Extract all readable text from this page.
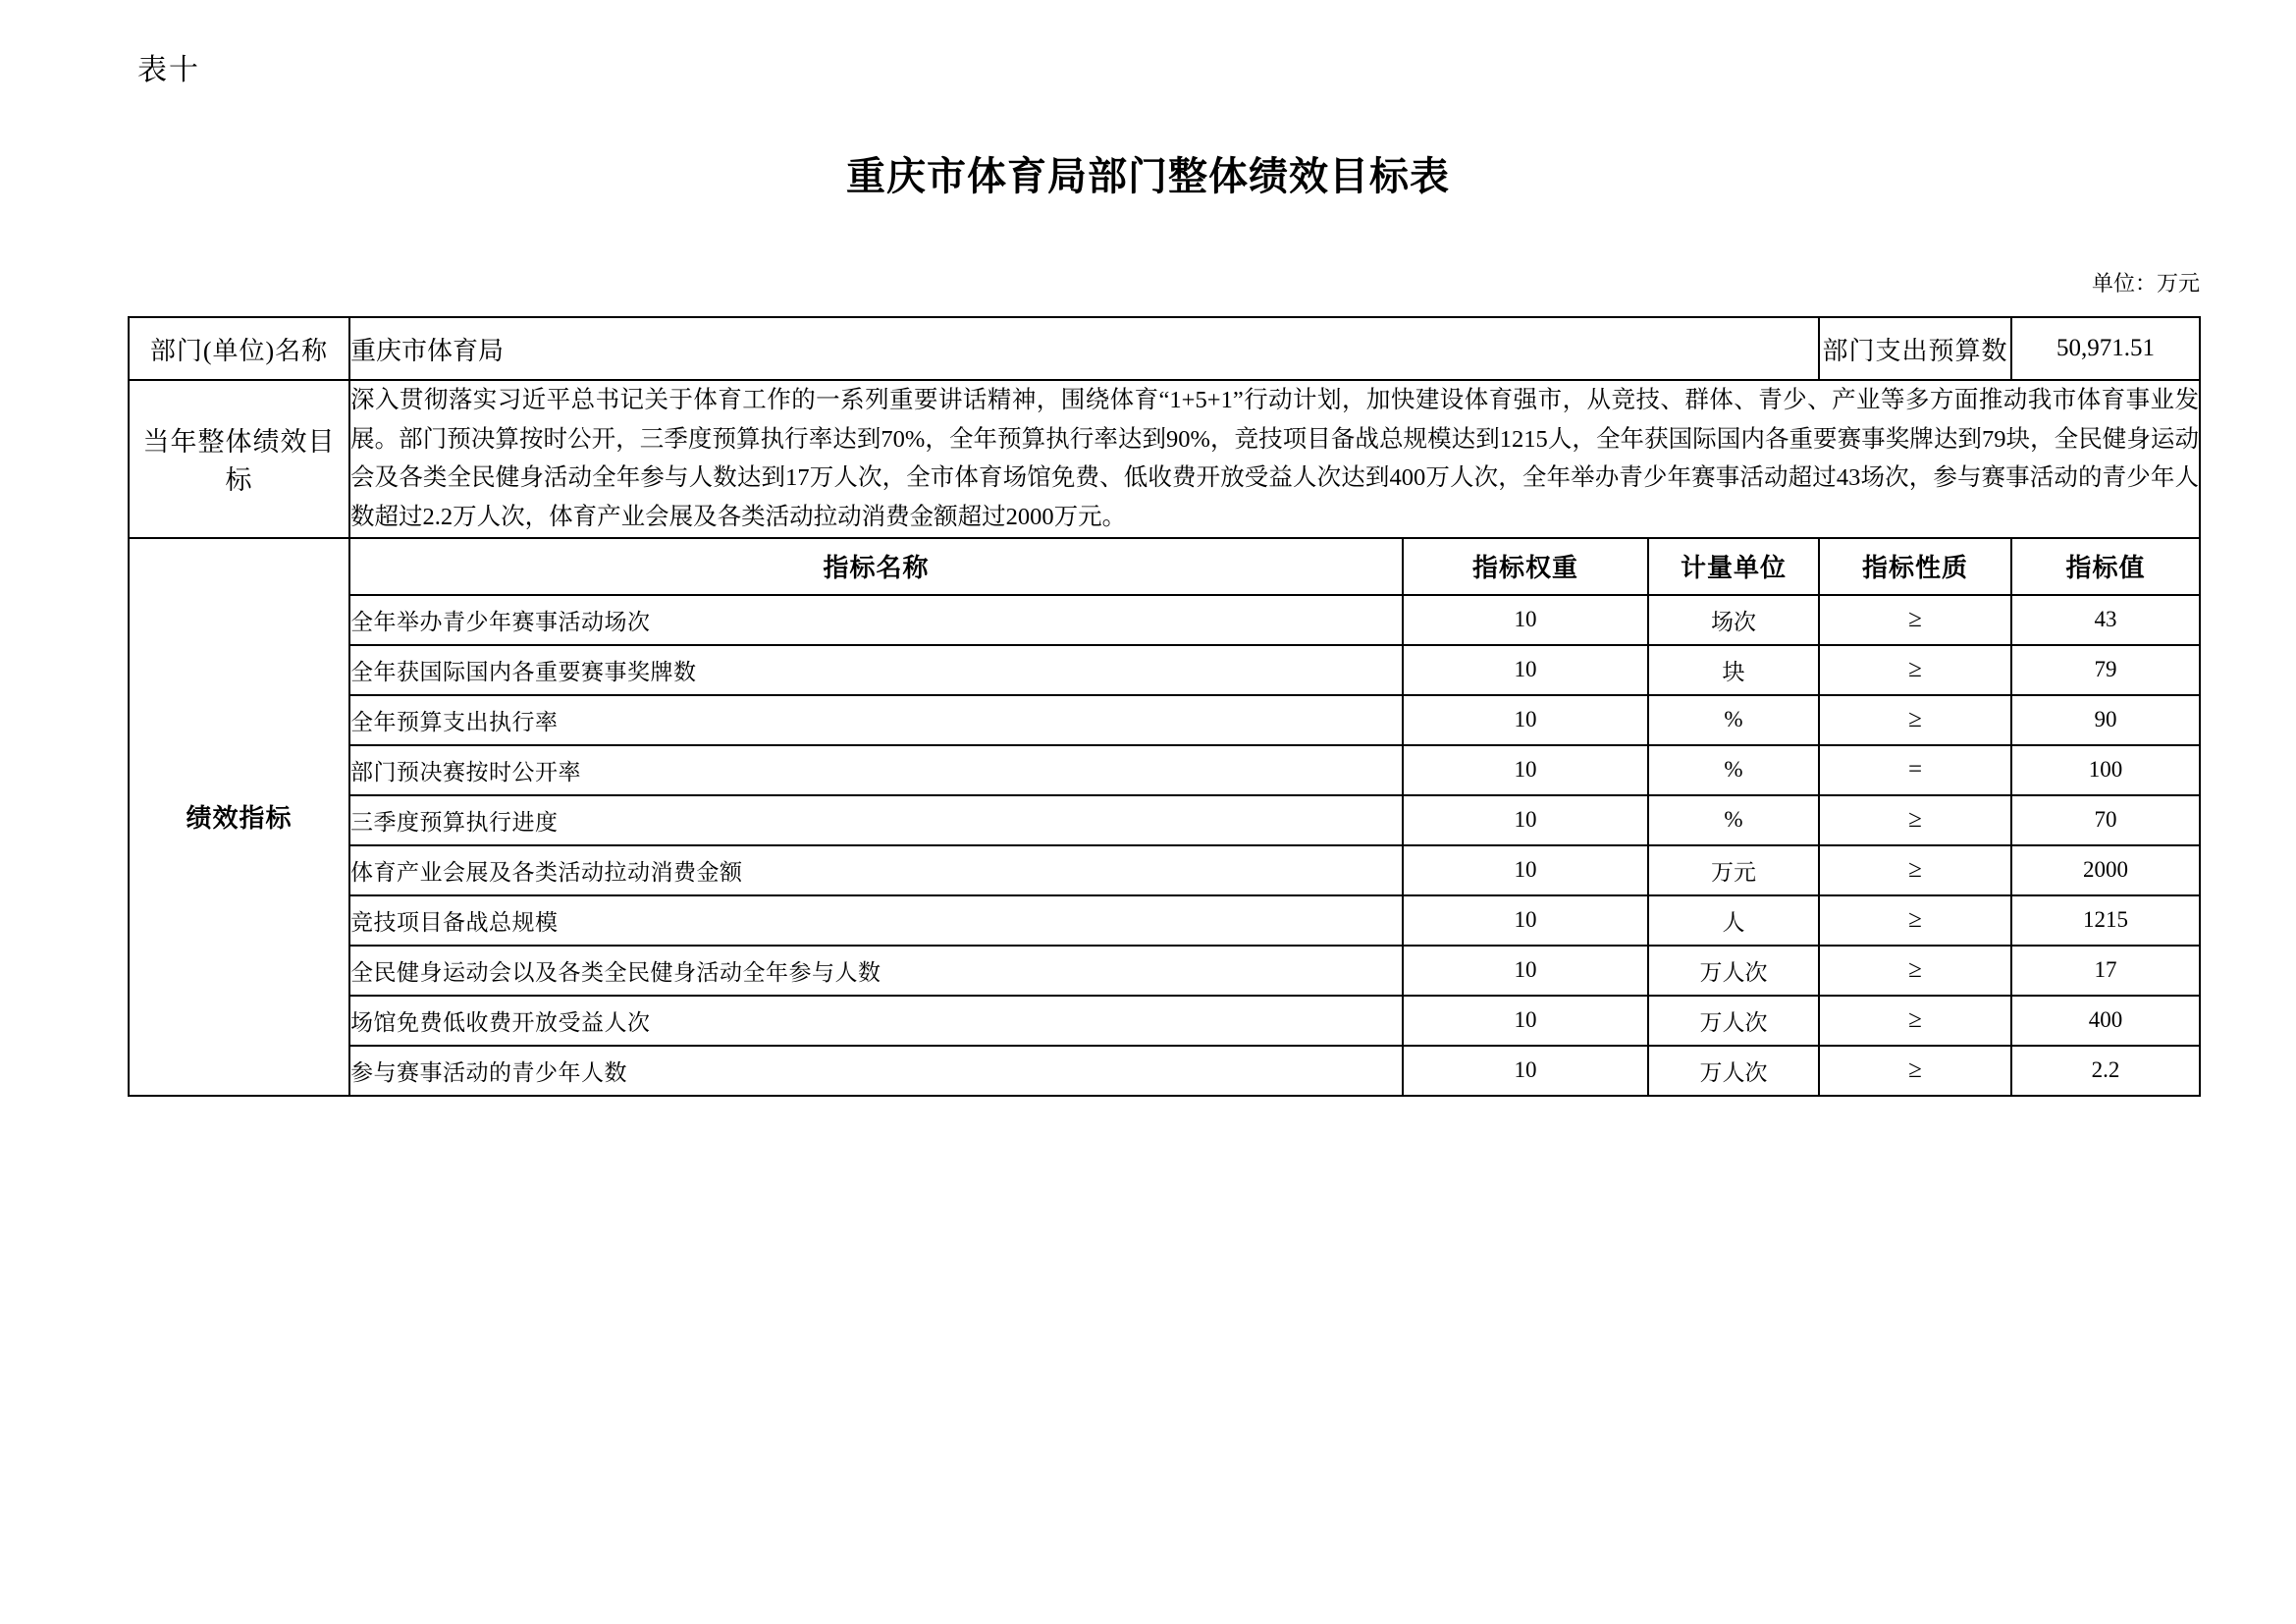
表十
重庆市体育局部门整体绩效目标表
单位：万元
部门(单位)名称	重庆市体育局			部门支出预算数	50,971.51
当年整体绩效目标	深入贯彻落实习近平总书记关于体育工作的一系列重要讲话精神，围绕体育“1+5+1”行动计划，加快建设体育强市，从竞技、群体、青少、产业等多方面推动我市体育事业发展。部门预决算按时公开，三季度预算执行率达到70%，全年预算执行率达到90%，竞技项目备战总规模达到1215人，全年获国际国内各重要赛事奖牌达到79块，全民健身运动会及各类全民健身活动全年参与人数达到17万人次，全市体育场馆免费、低收费开放受益人次达到400万人次，全年举办青少年赛事活动超过43场次，参与赛事活动的青少年人数超过2.2万人次，体育产业会展及各类活动拉动消费金额超过2000万元。				
绩效指标	指标名称	指标权重	计量单位	指标性质	指标值
	全年举办青少年赛事活动场次	10	场次	≥	43
	全年获国际国内各重要赛事奖牌数	10	块	≥	79
	全年预算支出执行率	10	%	≥	90
	部门预决赛按时公开率	10	%	=	100
	三季度预算执行进度	10	%	≥	70
	体育产业会展及各类活动拉动消费金额	10	万元	≥	2000
	竞技项目备战总规模	10	人	≥	1215
	全民健身运动会以及各类全民健身活动全年参与人数	10	万人次	≥	17
	场馆免费低收费开放受益人次	10	万人次	≥	400
	参与赛事活动的青少年人数	10	万人次	≥	2.2
